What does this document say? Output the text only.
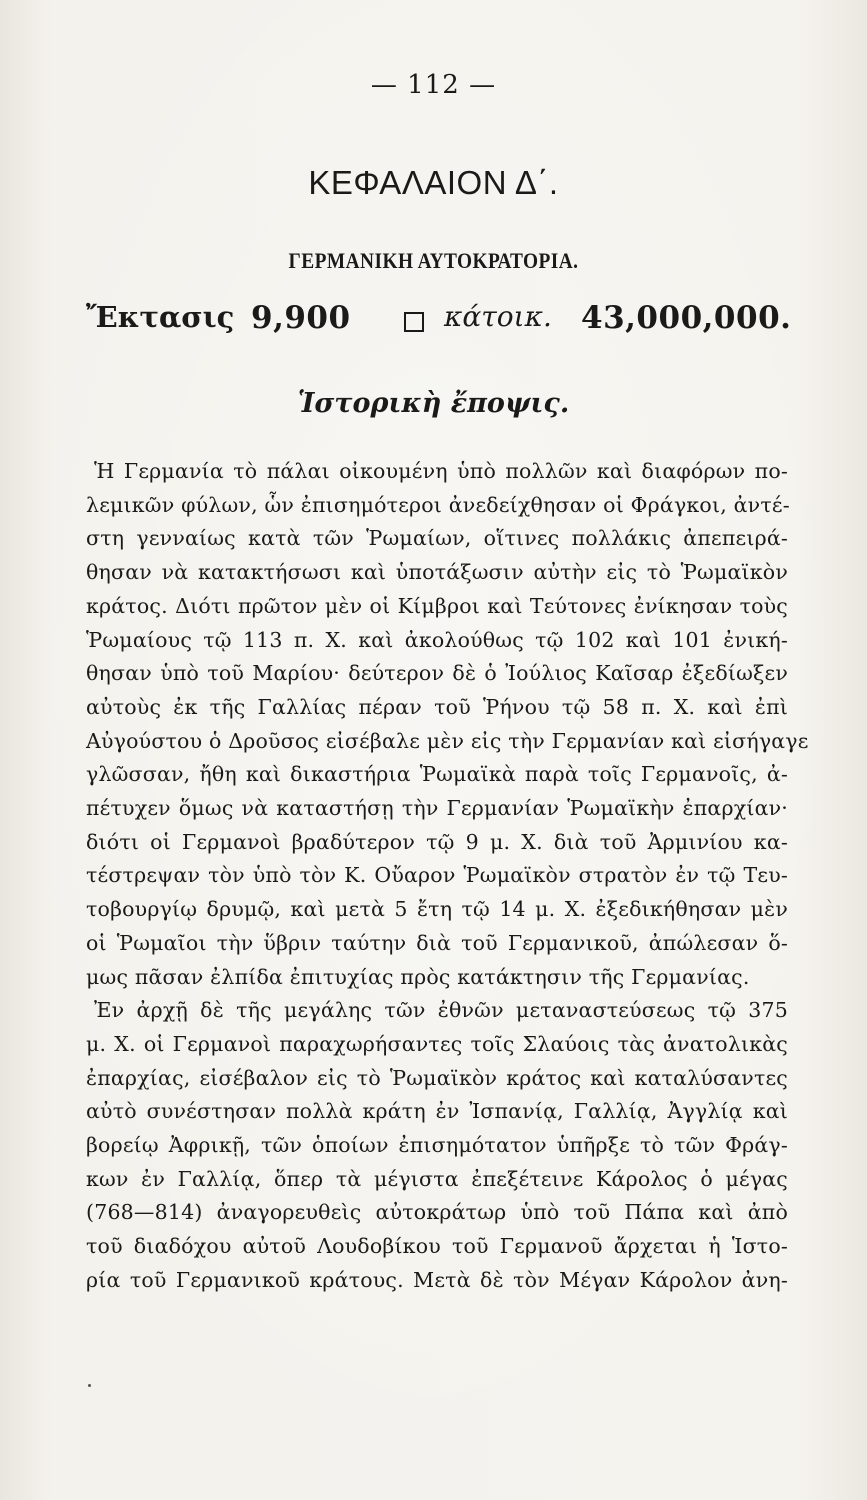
— 112 —
ΚΕΦΑΛΑΙΟΝ Δ΄.
ΓΕΡΜΑΝΙΚΗ ΑΥΤΟΚΡΑΤΟΡΙΑ.
Ἔκτασις 9,900	κάτοικ. 43,000,000.
Ἱστορικὴ ἔποψις.
Ἡ Γερμανία τὸ πάλαι οἰκουμένη ὑπὸ πολλῶν καὶ διαφόρων πο-
λεμικῶν φύλων, ὧν ἐπισημότεροι ἀνεδείχθησαν οἱ Φράγκοι, ἀντέ-
στη γενναίως κατὰ τῶν Ῥωμαίων, οἵτινες πολλάκις ἀπεπειρά-
θησαν νὰ κατακτήσωσι καὶ ὑποτάξωσιν αὐτὴν εἰς τὸ Ῥωμαϊκὸν
κράτος. Διότι πρῶτον μὲν οἱ Κίμβροι καὶ Τεύτονες ἐνίκησαν τοὺς
Ῥωμαίους τῷ 113 π. Χ. καὶ ἀκολούθως τῷ 102 καὶ 101 ἐνική-
θησαν ὑπὸ τοῦ Μαρίου· δεύτερον δὲ ὁ Ἰούλιος Καῖσαρ ἐξεδίωξεν
αὐτοὺς ἐκ τῆς Γαλλίας πέραν τοῦ Ῥήνου τῷ 58 π. Χ. καὶ ἐπὶ
Αὐγούστου ὁ Δροῦσος εἰσέβαλε μὲν εἰς τὴν Γερμανίαν καὶ εἰσήγαγε
γλῶσσαν, ἤθη καὶ δικαστήρια Ῥωμαϊκὰ παρὰ τοῖς Γερμανοῖς, ἀ-
πέτυχεν ὅμως νὰ καταστήσῃ τὴν Γερμανίαν Ῥωμαϊκὴν ἐπαρχίαν·
διότι οἱ Γερμανοὶ βραδύτερον τῷ 9 μ. Χ. διὰ τοῦ Ἀρμινίου κα-
τέστρεψαν τὸν ὑπὸ τὸν Κ. Οὔαρον Ῥωμαϊκὸν στρατὸν ἐν τῷ Τευ-
τοβουργίῳ δρυμῷ, καὶ μετὰ 5 ἔτη τῷ 14 μ. Χ. ἐξεδικήθησαν μὲν
οἱ Ῥωμαῖοι τὴν ὕβριν ταύτην διὰ τοῦ Γερμανικοῦ, ἀπώλεσαν ὅ-
μως πᾶσαν ἐλπίδα ἐπιτυχίας πρὸς κατάκτησιν τῆς Γερμανίας.
Ἐν ἀρχῇ δὲ τῆς μεγάλης τῶν ἐθνῶν μεταναστεύσεως τῷ 375
μ. Χ. οἱ Γερμανοὶ παραχωρήσαντες τοῖς Σλαύοις τὰς ἀνατολικὰς
ἐπαρχίας, εἰσέβαλον εἰς τὸ Ῥωμαϊκὸν κράτος καὶ καταλύσαντες
αὐτὸ συνέστησαν πολλὰ κράτη ἐν Ἰσπανίᾳ, Γαλλίᾳ, Ἀγγλίᾳ καὶ
βορείῳ Ἀφρικῇ, τῶν ὁποίων ἐπισημότατον ὑπῆρξε τὸ τῶν Φράγ-
κων ἐν Γαλλίᾳ, ὅπερ τὰ μέγιστα ἐπεξέτεινε Κάρολος ὁ μέγας
(768—814) ἀναγορευθεὶς αὐτοκράτωρ ὑπὸ τοῦ Πάπα καὶ ἀπὸ
τοῦ διαδόχου αὐτοῦ Λουδοβίκου τοῦ Γερμανοῦ ἄρχεται ἡ Ἱστο-
ρία τοῦ Γερμανικοῦ κράτους. Μετὰ δὲ τὸν Μέγαν Κάρολον ἀνη-
